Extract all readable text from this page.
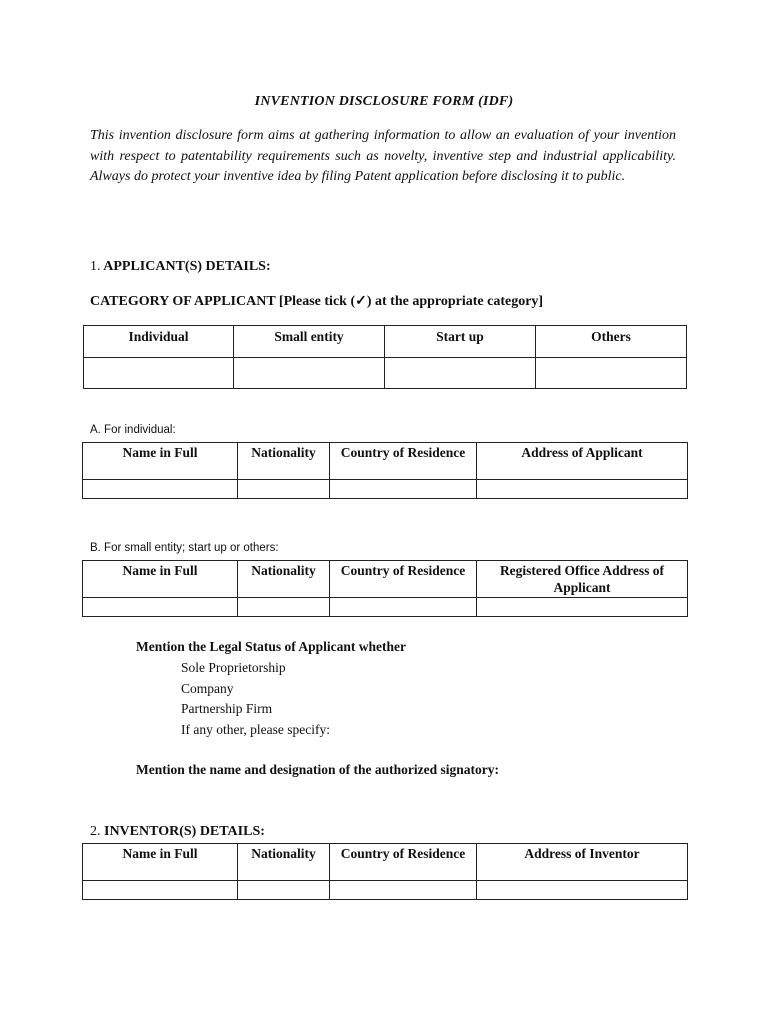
INVENTION DISCLOSURE FORM (IDF)
This invention disclosure form aims at gathering information to allow an evaluation of your invention with respect to patentability requirements such as novelty, inventive step and industrial applicability. Always do protect your inventive idea by filing Patent application before disclosing it to public.
1. APPLICANT(S) DETAILS:
CATEGORY OF APPLICANT [Please tick (✓) at the appropriate category]
Individual	Small entity	Start up	Others

A. For individual:
Name in Full	Nationality	Country of Residence	Address of Applicant

B. For small entity; start up or others:
Name in Full	Nationality	Country of Residence	Registered Office Address of Applicant

Mention the Legal Status of Applicant whether
Sole Proprietorship
Company
Partnership Firm
If any other, please specify:
Mention the name and designation of the authorized signatory:
2. INVENTOR(S) DETAILS:
Name in Full	Nationality	Country of Residence	Address of Inventor
